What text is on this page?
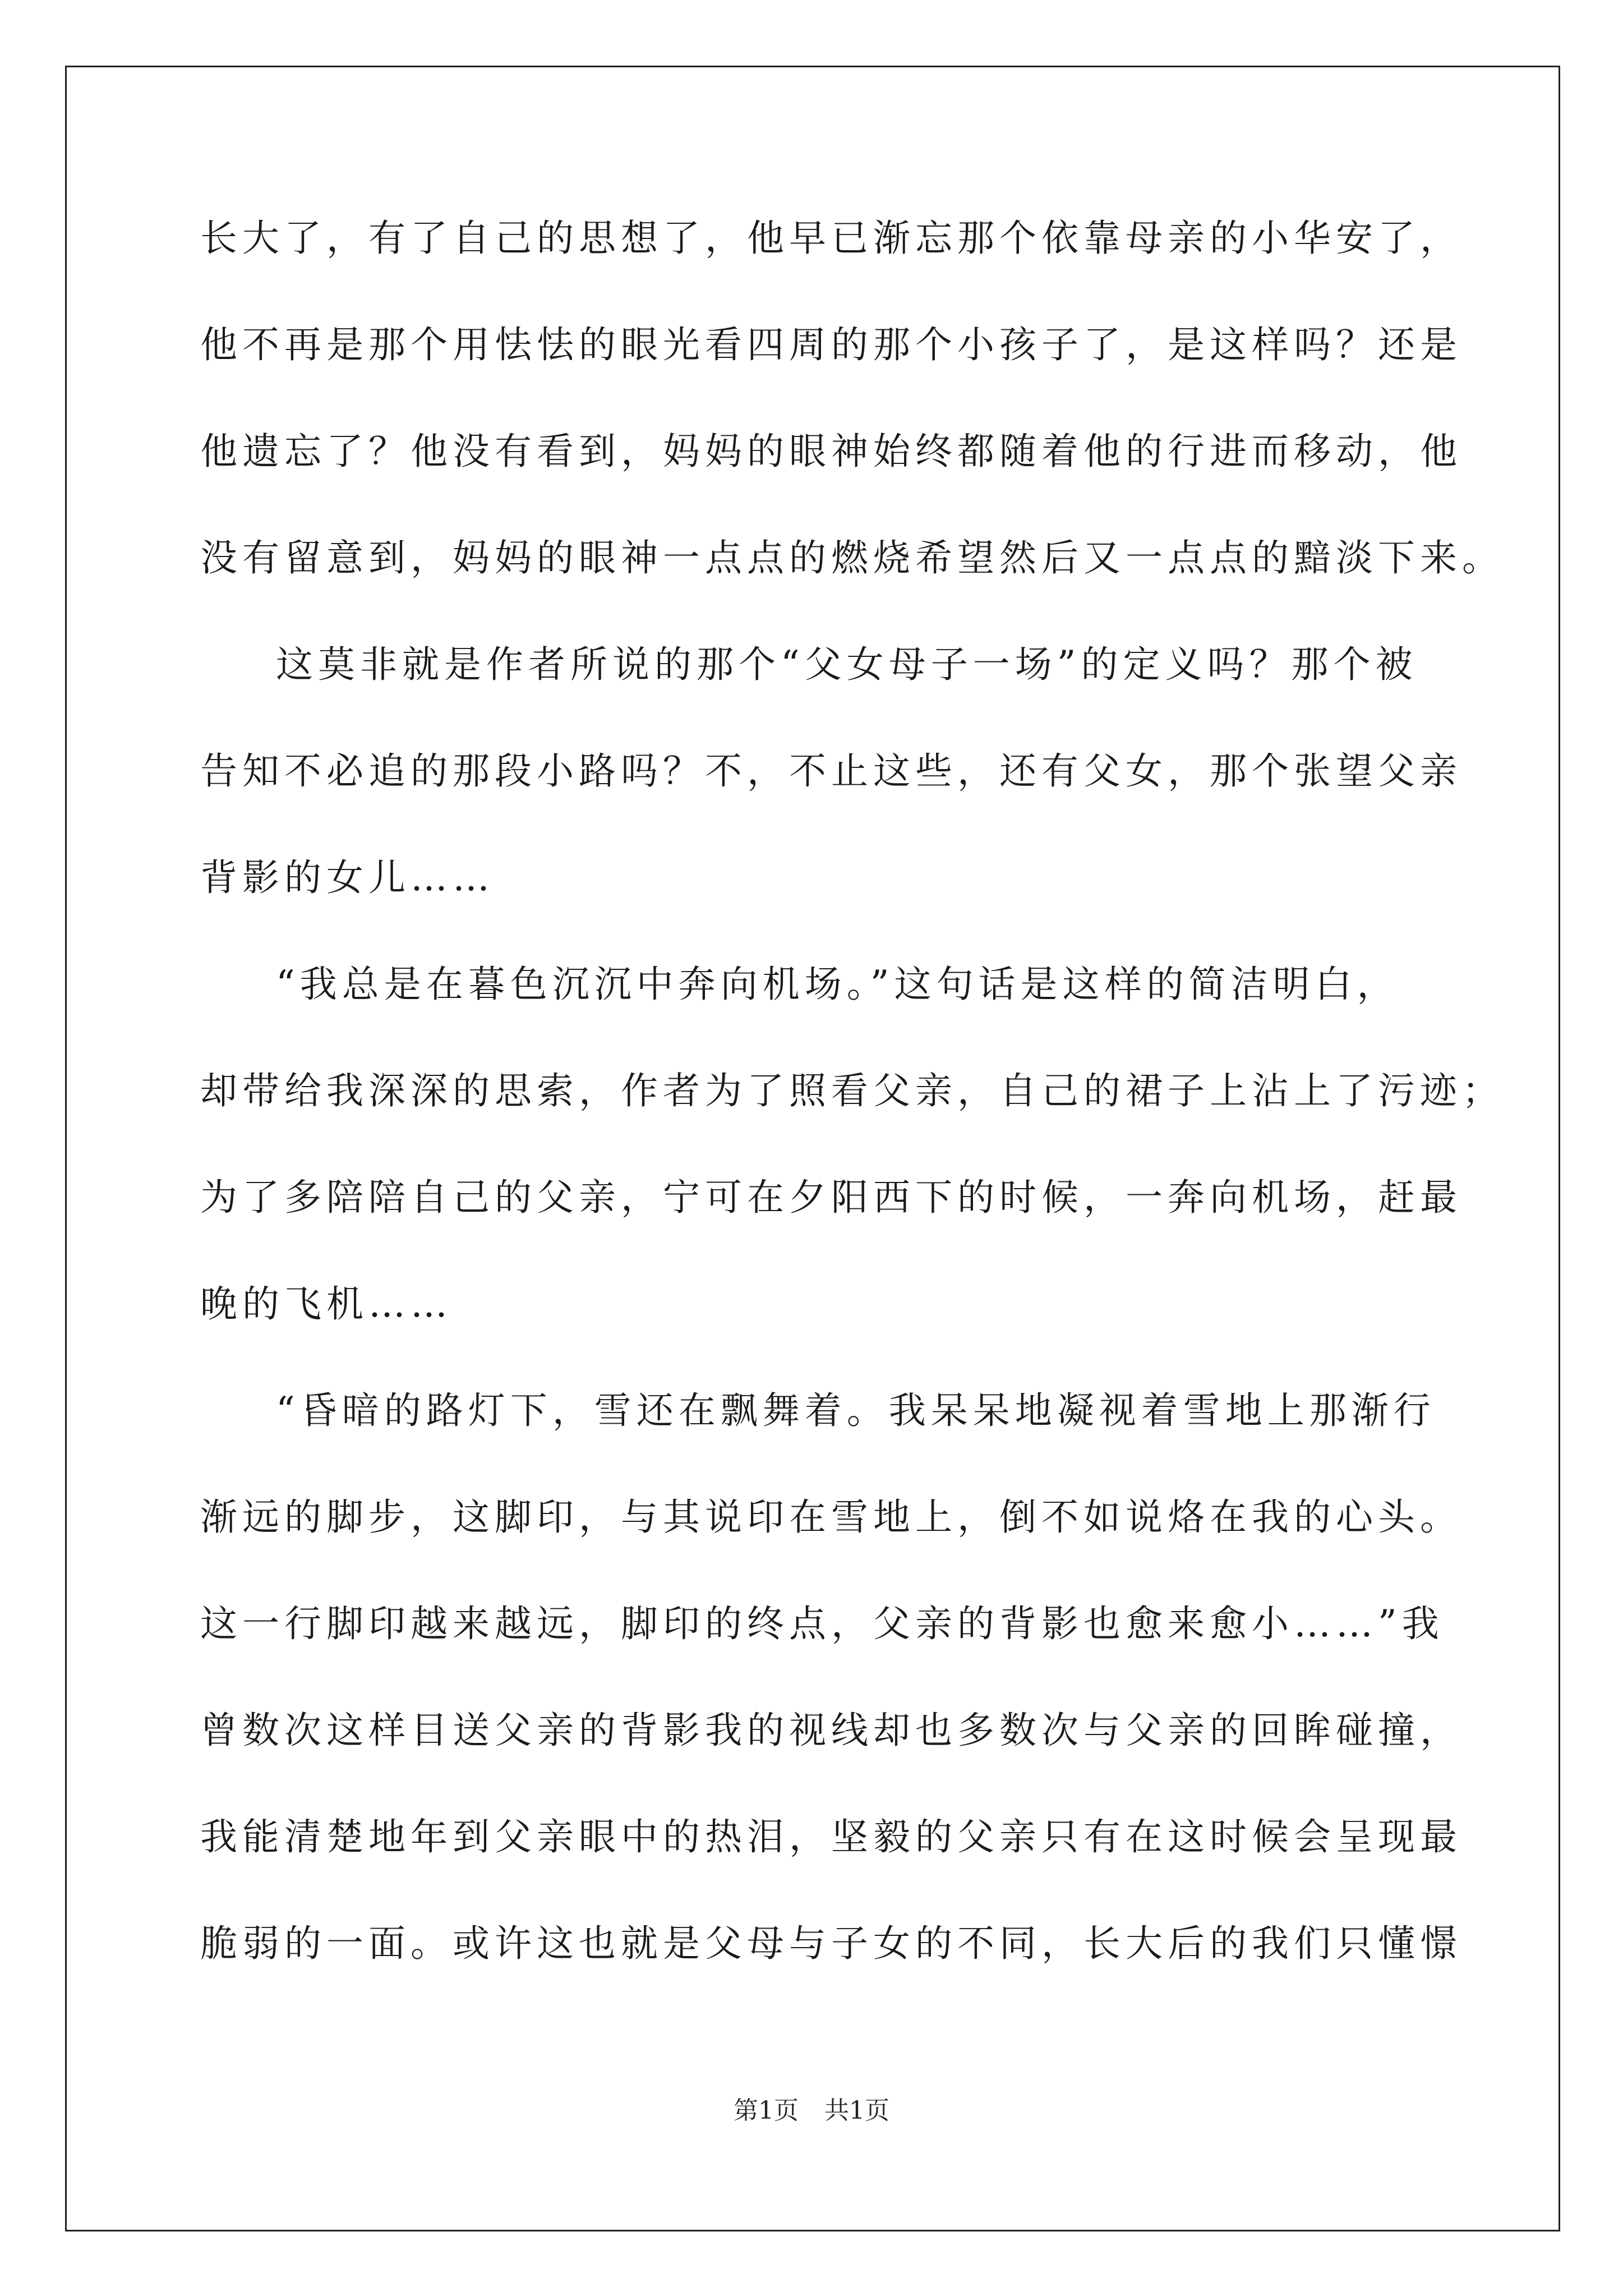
长大了，有了自己的思想了，他早已渐忘那个依靠母亲的小华安了，
他不再是那个用怯怯的眼光看四周的那个小孩子了，是这样吗？还是
他遗忘了？他没有看到，妈妈的眼神始终都随着他的行进而移动，他
没有留意到，妈妈的眼神一点点的燃烧希望然后又一点点的黯淡下来。
这莫非就是作者所说的那个“父女母子一场”的定义吗？那个被
告知不必追的那段小路吗？不，不止这些，还有父女，那个张望父亲
背影的女儿……
“我总是在暮色沉沉中奔向机场。”这句话是这样的简洁明白，
却带给我深深的思索，作者为了照看父亲，自己的裙子上沾上了污迹；
为了多陪陪自己的父亲，宁可在夕阳西下的时候，一奔向机场，赶最
晚的飞机……
“昏暗的路灯下，雪还在飘舞着。我呆呆地凝视着雪地上那渐行
渐远的脚步，这脚印，与其说印在雪地上，倒不如说烙在我的心头。
这一行脚印越来越远，脚印的终点，父亲的背影也愈来愈小……”我
曾数次这样目送父亲的背影我的视线却也多数次与父亲的回眸碰撞，
我能清楚地年到父亲眼中的热泪，坚毅的父亲只有在这时候会呈现最
脆弱的一面。或许这也就是父母与子女的不同，长大后的我们只懂憬
第1页 共1页
